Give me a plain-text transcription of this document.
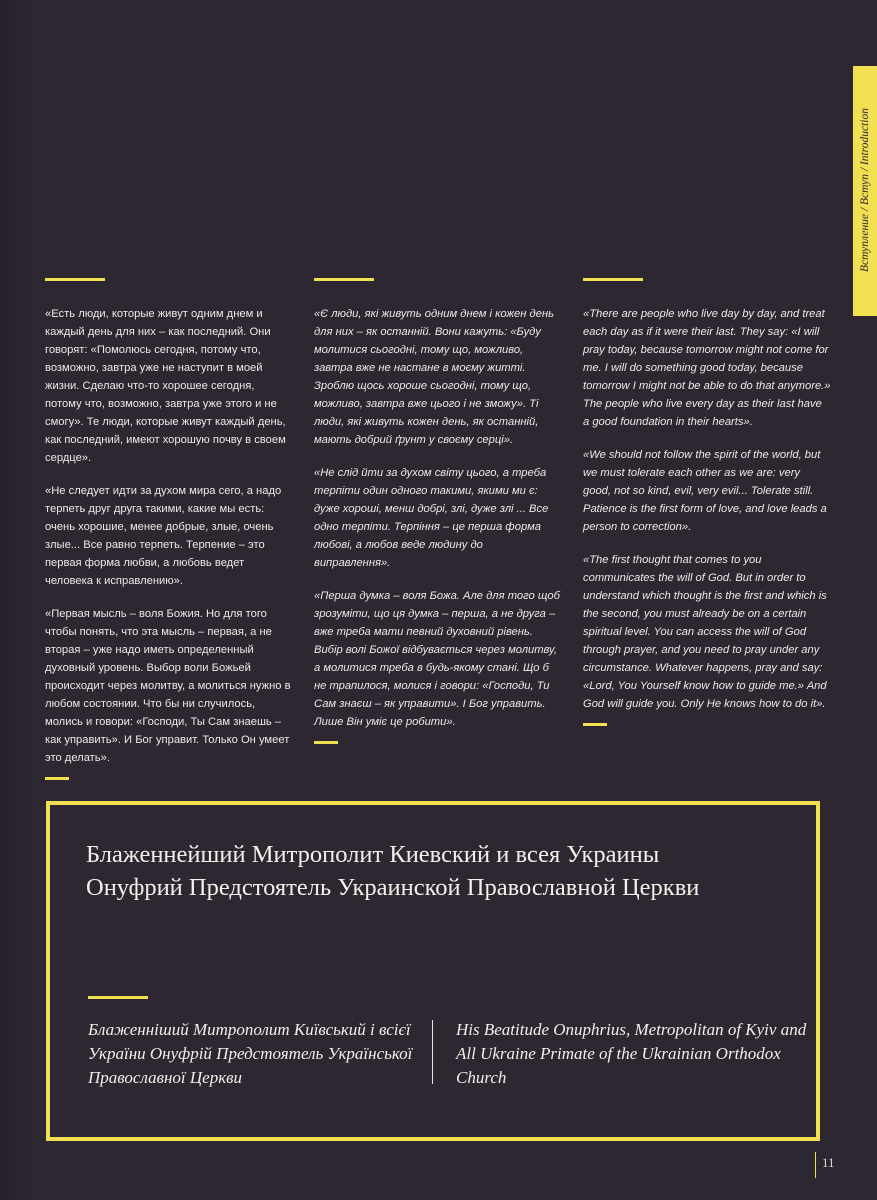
Вступление / Вступ / Introduction

«Есть люди, которые живут одним днем и каждый день для них – как последний. Они говорят: «Помолюсь сегодня, потому что, возможно, завтра уже не наступит в моей жизни. Сделаю что-то хорошее сегодня, потому что, возможно, завтра уже этого и не смогу». Те люди, которые живут каждый день, как последний, имеют хорошую почву в своем сердце».

«Не следует идти за духом мира сего, а надо терпеть друг друга такими, какие мы есть: очень хорошие, менее добрые, злые, очень злые... Все равно терпеть. Терпение – это первая форма любви, а любовь ведет человека к исправлению».

«Первая мысль – воля Божия. Но для того чтобы понять, что эта мысль – первая, а не вторая – уже надо иметь определенный духовный уровень. Выбор воли Божьей происходит через молитву, а молиться нужно в любом состоянии. Что бы ни случилось, молись и говори: «Господи, Ты Сам знаешь – как управить». И Бог управит. Только Он умеет это делать».

«Є люди, які живуть одним днем і кожен день для них – як останній. Вони кажуть: «Буду молитися сьогодні, тому що, можливо, завтра вже не настане в моєму житті. Зроблю щось хороше сьогодні, тому що, можливо, завтра вже цього і не зможу». Ті люди, які живуть кожен день, як останній, мають добрий ґрунт у своєму серці».

«Не слід йти за духом світу цього, а треба терпіти один одного такими, якими ми є: дуже хороші, менш добрі, злі, дуже злі ... Все одно терпіти. Терпіння – це перша форма любові, а любов веде людину до виправлення».

«Перша думка – воля Божа. Але для того щоб зрозуміти, що ця думка – перша, а не друга – вже треба мати певний духовний рівень. Вибір волі Божої відбувається через молитву, а молитися треба в будь-якому стані. Що б не трапилося, молися і говори: «Господи, Ти Сам знаєш – як управити». І Бог управить. Лише Він уміє це робити».

«There are people who live day by day, and treat each day as if it were their last. They say: «I will pray today, because tomorrow might not come for me. I will do something good today, because tomorrow I might not be able to do that anymore.» The people who live every day as their last have a good foundation in their hearts».

«We should not follow the spirit of the world, but we must tolerate each other as we are: very good, not so kind, evil, very evil... Tolerate still. Patience is the first form of love, and love leads a person to correction».

«The first thought that comes to you communicates the will of God. But in order to understand which thought is the first and which is the second, you must already be on a certain spiritual level. You can access the will of God through prayer, and you need to pray under any circumstance. Whatever happens, pray and say: «Lord, You Yourself know how to guide me.» And God will guide you. Only He knows how to do it».

Блаженнейший Митрополит Киевский и всея Украины Онуфрий Предстоятель Украинской Православной Церкви
Блаженніший Митрополит Київський і всієї України Онуфрій Предстоятель Української Православної Церкви
His Beatitude Onuphrius, Metropolitan of Kyiv and All Ukraine Primate of the Ukrainian Orthodox Church
11
